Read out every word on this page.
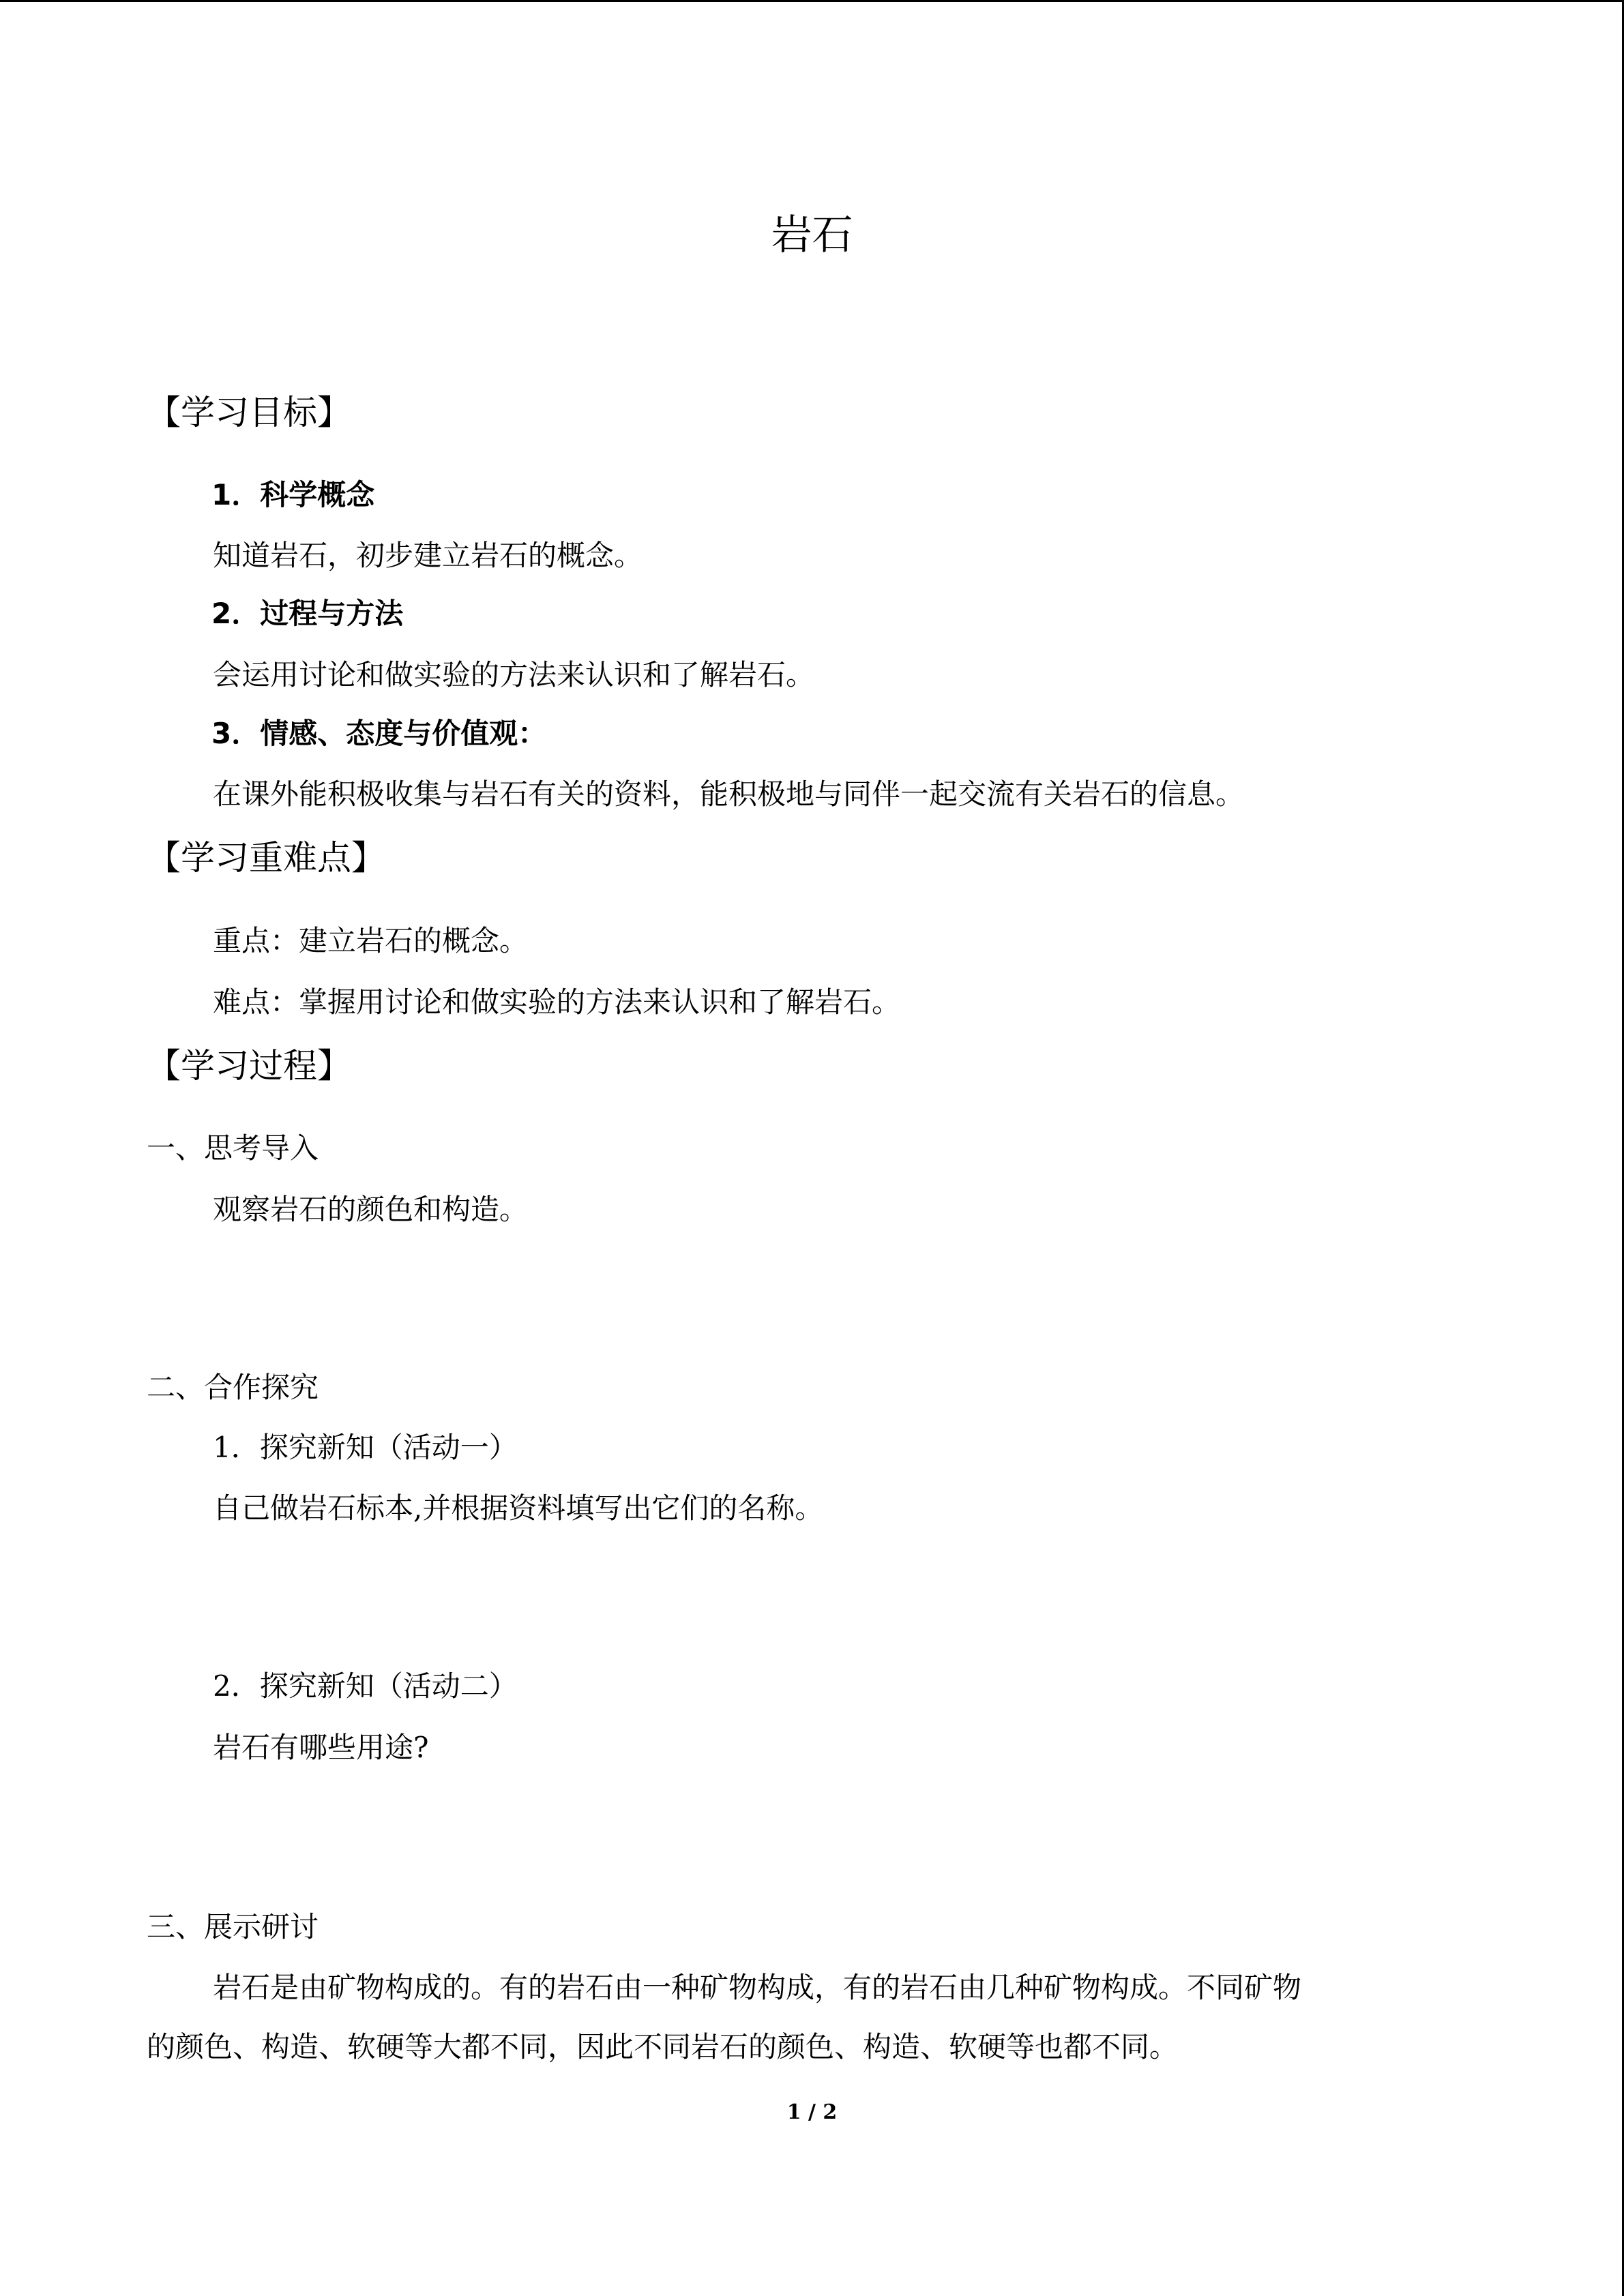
岩石
【学习目标】
1．科学概念
知道岩石，初步建立岩石的概念。
2．过程与方法
会运用讨论和做实验的方法来认识和了解岩石。
3．情感、态度与价值观：
在课外能积极收集与岩石有关的资料，能积极地与同伴一起交流有关岩石的信息。
【学习重难点】
重点：建立岩石的概念。
难点：掌握用讨论和做实验的方法来认识和了解岩石。
【学习过程】
一、思考导入
观察岩石的颜色和构造。
二、合作探究
1．探究新知（活动一）
自己做岩石标本,并根据资料填写出它们的名称。
2．探究新知（活动二）
岩石有哪些用途?
三、展示研讨
岩石是由矿物构成的。有的岩石由一种矿物构成，有的岩石由几种矿物构成。不同矿物
的颜色、构造、软硬等大都不同，因此不同岩石的颜色、构造、软硬等也都不同。
1 / 2
